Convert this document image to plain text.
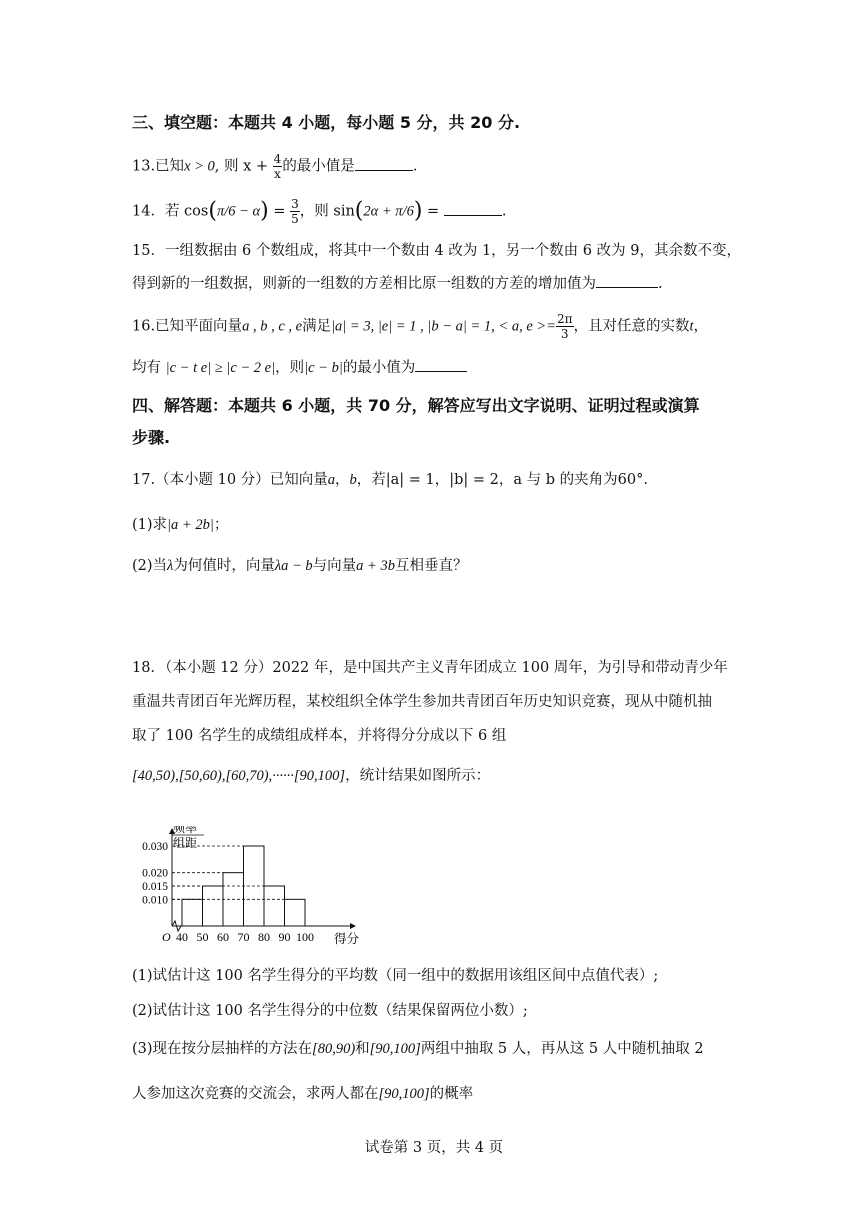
三、填空题：本题共 4 小题，每小题 5 分，共 20 分.
13.已知x > 0, 则 $x + \frac{4}{x}$ 的最小值是	.
14．若 $\cos(\pi/6 - \alpha) = \frac{3}{5}$ ，则 sin(2α + π/6) =	.
15．一组数据由 6 个数组成，将其中一个数由 4 改为 1，另一个数由 6 改为 9，其余数不变，
得到新的一组数据，则新的一组数的方差相比原一组数的方差的增加值为	.
16.已知平面向量a , b , c , e满足|a| = 3, |e| = 1 , |b − a| = 1, < a, $e >= \frac{2\pi}{3}$ ，且对任意的实数t，
均有 |c − t e| ≥ |c − 2 e|，则|c − b|的最小值为
四、解答题：本题共 6 小题，共 70 分，解答应写出文字说明、证明过程或演算
步骤.
17.（本小题 10 分）已知向量a，b，若|a| = 1，|b| = 2，a 与 b 的夹角为60°.
(1)求|a + 2b|；
(2)当λ为何值时，向量λa − b与向量a + 3b互相垂直？
18．（本小题 12 分）2022 年，是中国共产主义青年团成立 100 周年，为引导和带动青少年
重温共青团百年光辉历程，某校组织全体学生参加共青团百年历史知识竞赛，现从中随机抽
取了 100 名学生的成绩组成样本，并将得分分成以下 6 组
[40,50),[50,60),[60,70),······[90,100]，统计结果如图所示：
频率
组距
0.030
0.020
0.015
0.010
40 50 60 70 80 90 100
O	得分
(1)试估计这 100 名学生得分的平均数（同一组中的数据用该组区间中点值代表）;
(2)试估计这 100 名学生得分的中位数（结果保留两位小数）;
(3)现在按分层抽样的方法在[80,90)和[90,100]两组中抽取 5 人，再从这 5 人中随机抽取 2
人参加这次竞赛的交流会，求两人都在[90,100]的概率
试卷第 3 页，共 4 页
